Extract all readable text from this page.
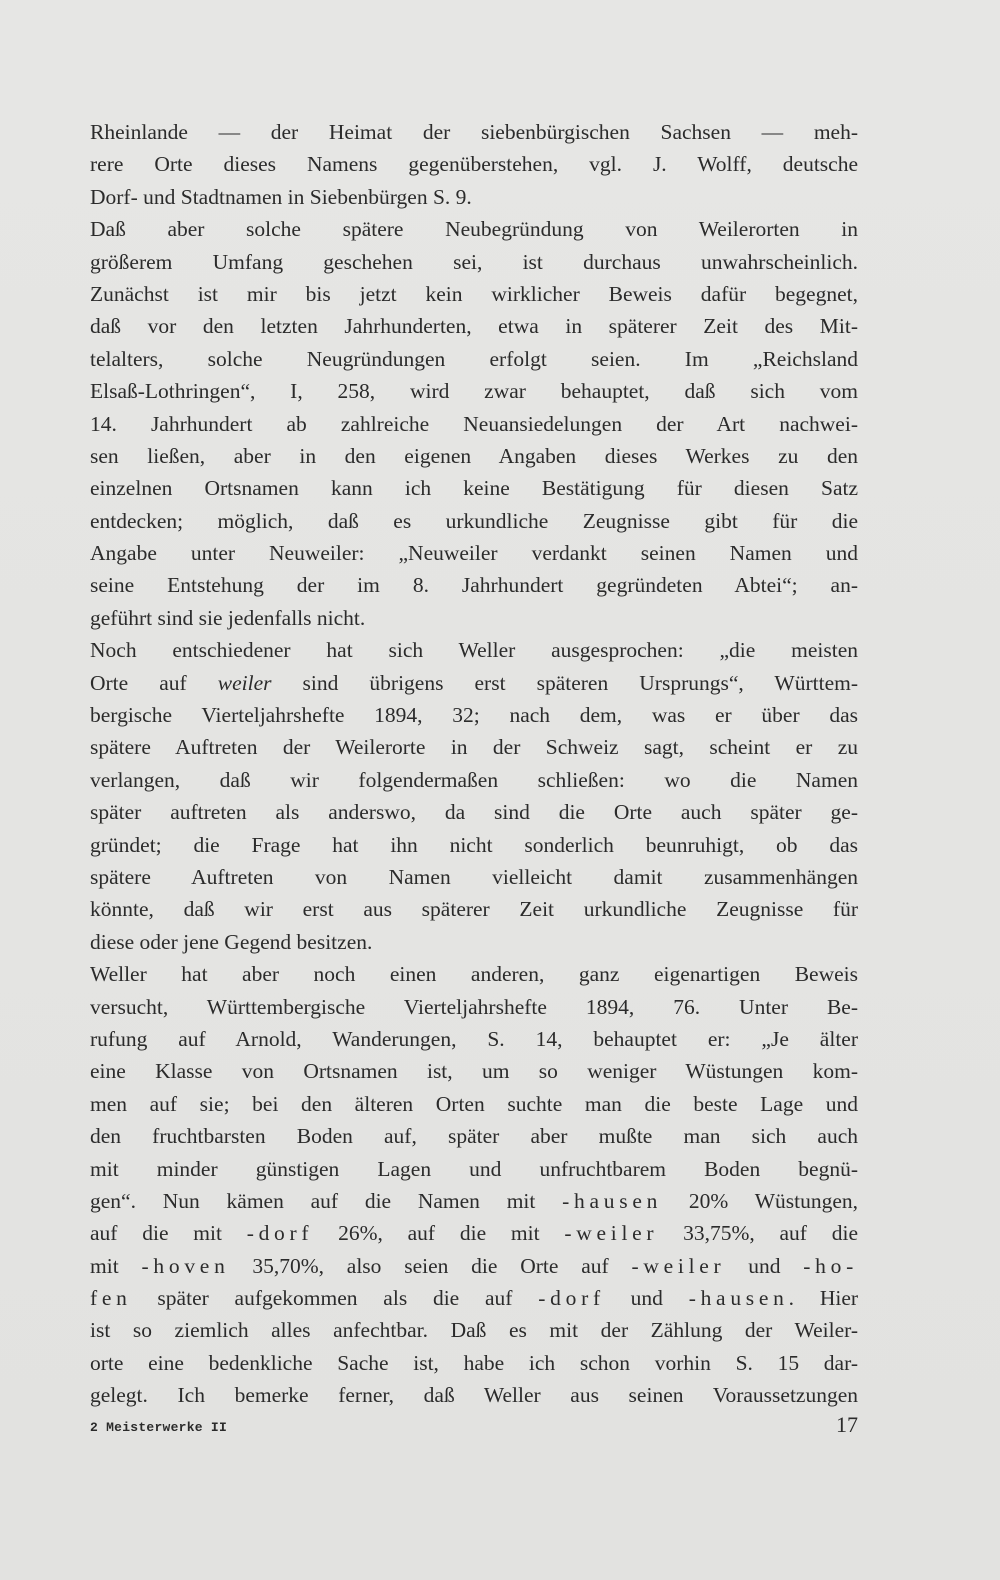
Rheinlande — der Heimat der siebenbürgischen Sachsen — meh-
rere Orte dieses Namens gegenüberstehen, vgl. J. Wolff, deutsche
Dorf- und Stadtnamen in Siebenbürgen S. 9.
Daß aber solche spätere Neubegründung von Weilerorten in
größerem Umfang geschehen sei, ist durchaus unwahrscheinlich.
Zunächst ist mir bis jetzt kein wirklicher Beweis dafür begegnet,
daß vor den letzten Jahrhunderten, etwa in späterer Zeit des Mit-
telalters, solche Neugründungen erfolgt seien. Im „Reichsland
Elsaß-Lothringen“, I, 258, wird zwar behauptet, daß sich vom
14. Jahrhundert ab zahlreiche Neuansiedelungen der Art nachwei-
sen ließen, aber in den eigenen Angaben dieses Werkes zu den
einzelnen Ortsnamen kann ich keine Bestätigung für diesen Satz
entdecken; möglich, daß es urkundliche Zeugnisse gibt für die
Angabe unter Neuweiler: „Neuweiler verdankt seinen Namen und
seine Entstehung der im 8. Jahrhundert gegründeten Abtei“; an-
geführt sind sie jedenfalls nicht.
Noch entschiedener hat sich Weller ausgesprochen: „die meisten
Orte auf weiler sind übrigens erst späteren Ursprungs“, Württem-
bergische Vierteljahrshefte 1894, 32; nach dem, was er über das
spätere Auftreten der Weilerorte in der Schweiz sagt, scheint er zu
verlangen, daß wir folgendermaßen schließen: wo die Namen
später auftreten als anderswo, da sind die Orte auch später ge-
gründet; die Frage hat ihn nicht sonderlich beunruhigt, ob das
spätere Auftreten von Namen vielleicht damit zusammenhängen
könnte, daß wir erst aus späterer Zeit urkundliche Zeugnisse für
diese oder jene Gegend besitzen.
Weller hat aber noch einen anderen, ganz eigenartigen Beweis
versucht, Württembergische Vierteljahrshefte 1894, 76. Unter Be-
rufung auf Arnold, Wanderungen, S. 14, behauptet er: „Je älter
eine Klasse von Ortsnamen ist, um so weniger Wüstungen kom-
men auf sie; bei den älteren Orten suchte man die beste Lage und
den fruchtbarsten Boden auf, später aber mußte man sich auch
mit minder günstigen Lagen und unfruchtbarem Boden begnü-
gen“. Nun kämen auf die Namen mit -hausen 20% Wüstungen,
auf die mit -dorf 26%, auf die mit -weiler 33,75%, auf die
mit -hoven 35,70%, also seien die Orte auf -weiler und -ho-
fen später aufgekommen als die auf -dorf und -hausen. Hier
ist so ziemlich alles anfechtbar. Daß es mit der Zählung der Weiler-
orte eine bedenkliche Sache ist, habe ich schon vorhin S. 15 dar-
gelegt. Ich bemerke ferner, daß Weller aus seinen Voraussetzungen
2 Meisterwerke II	17
